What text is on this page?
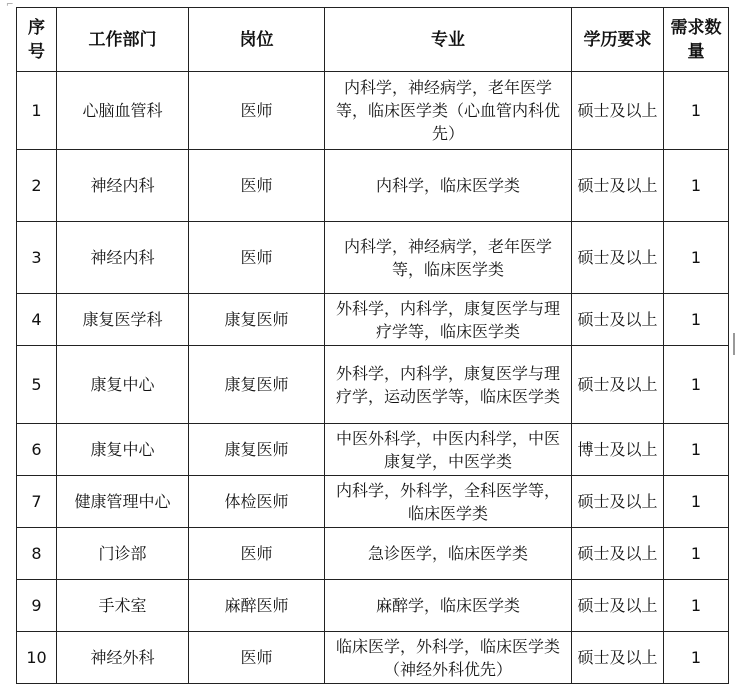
⌐
序号	工作部门	岗位	专业	学历要求	需求数量
1	心脑血管科	医师	内科学，神经病学，老年医学等，临床医学类（心血管内科优先）	硕士及以上	1
2	神经内科	医师	内科学，临床医学类	硕士及以上	1
3	神经内科	医师	内科学，神经病学，老年医学等，临床医学类	硕士及以上	1
4	康复医学科	康复医师	外科学，内科学，康复医学与理疗学等，临床医学类	硕士及以上	1
5	康复中心	康复医师	外科学，内科学，康复医学与理疗学，运动医学等，临床医学类	硕士及以上	1
6	康复中心	康复医师	中医外科学，中医内科学，中医康复学，中医学类	博士及以上	1
7	健康管理中心	体检医师	内科学，外科学，全科医学等，临床医学类	硕士及以上	1
8	门诊部	医师	急诊医学，临床医学类	硕士及以上	1
9	手术室	麻醉医师	麻醉学，临床医学类	硕士及以上	1
10	神经外科	医师	临床医学，外科学，临床医学类（神经外科优先）	硕士及以上	1
